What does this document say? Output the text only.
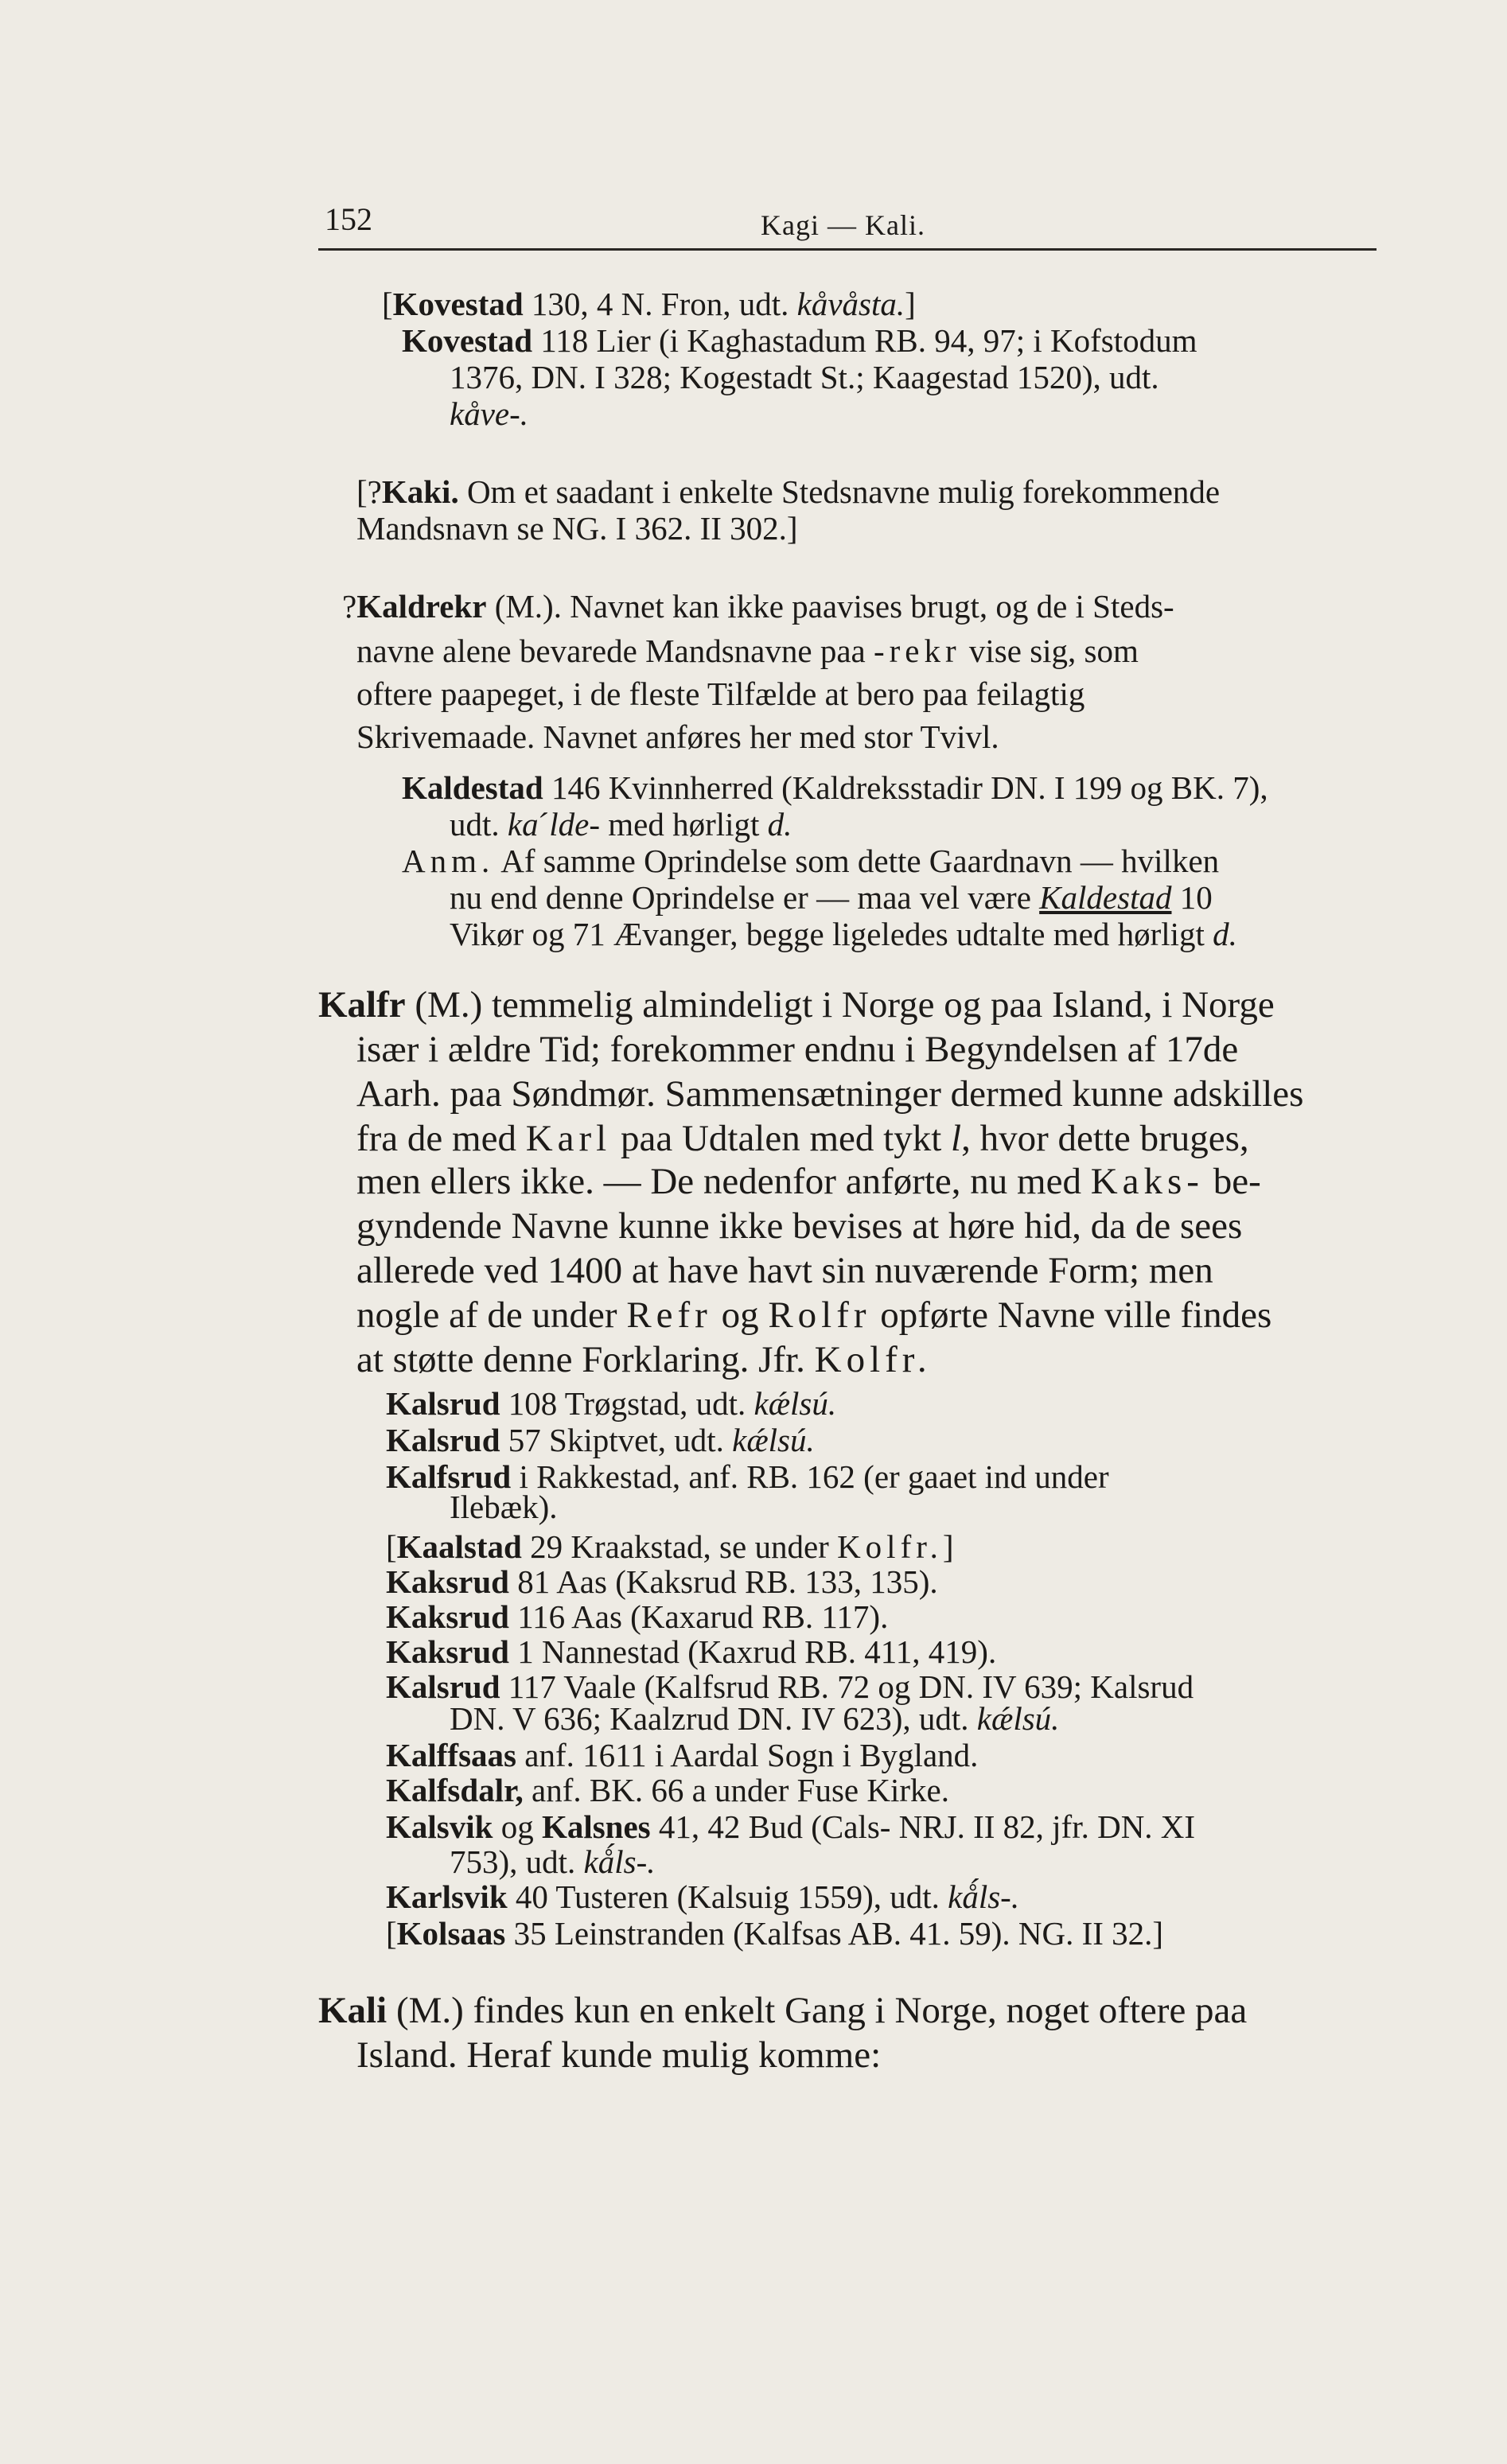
152	Kagi — Kali.
[Kovestad 130, 4 N. Fron, udt. kåvåsta.]
Kovestad 118 Lier (i Kaghastadum RB. 94, 97; i Kofstodum
1376, DN. I 328; Kogestadt St.; Kaagestad 1520), udt.
kåve-.
[?Kaki. Om et saadant i enkelte Stedsnavne mulig forekommende
Mandsnavn se NG. I 362. II 302.]
?Kaldrekr (M.). Navnet kan ikke paavises brugt, og de i Steds-
navne alene bevarede Mandsnavne paa -rekr vise sig, som
oftere paapeget, i de fleste Tilfælde at bero paa feilagtig
Skrivemaade. Navnet anføres her med stor Tvivl.
Kaldestad 146 Kvinnherred (Kaldreksstadir DN. I 199 og BK. 7),
udt. kaˊlde- med hørligt d.
Anm. Af samme Oprindelse som dette Gaardnavn — hvilken
nu end denne Oprindelse er — maa vel være Kaldestad 10
Vikør og 71 Ævanger, begge ligeledes udtalte med hørligt d.
Kalfr (M.) temmelig almindeligt i Norge og paa Island, i Norge
især i ældre Tid; forekommer endnu i Begyndelsen af 17de
Aarh. paa Søndmør. Sammensætninger dermed kunne adskilles
fra de med Karl paa Udtalen med tykt l, hvor dette bruges,
men ellers ikke. — De nedenfor anførte, nu med Kaks- be-
gyndende Navne kunne ikke bevises at høre hid, da de sees
allerede ved 1400 at have havt sin nuværende Form; men
nogle af de under Refr og Rolfr opførte Navne ville findes
at støtte denne Forklaring. Jfr. Kolfr.
Kalsrud 108 Trøgstad, udt. kǽlsú.
Kalsrud 57 Skiptvet, udt. kǽlsú.
Kalfsrud i Rakkestad, anf. RB. 162 (er gaaet ind under
Ilebæk).
[Kaalstad 29 Kraakstad, se under Kolfr.]
Kaksrud 81 Aas (Kaksrud RB. 133, 135).
Kaksrud 116 Aas (Kaxarud RB. 117).
Kaksrud 1 Nannestad (Kaxrud RB. 411, 419).
Kalsrud 117 Vaale (Kalfsrud RB. 72 og DN. IV 639; Kalsrud
DN. V 636; Kaalzrud DN. IV 623), udt. kǽlsú.
Kalffsaas anf. 1611 i Aardal Sogn i Bygland.
Kalfsdalr, anf. BK. 66 a under Fuse Kirke.
Kalsvik og Kalsnes 41, 42 Bud (Cals- NRJ. II 82, jfr. DN. XI
753), udt. kǻls-.
Karlsvik 40 Tusteren (Kalsuig 1559), udt. kǻls-.
[Kolsaas 35 Leinstranden (Kalfsas AB. 41. 59). NG. II 32.]
Kali (M.) findes kun en enkelt Gang i Norge, noget oftere paa
Island. Heraf kunde mulig komme:
